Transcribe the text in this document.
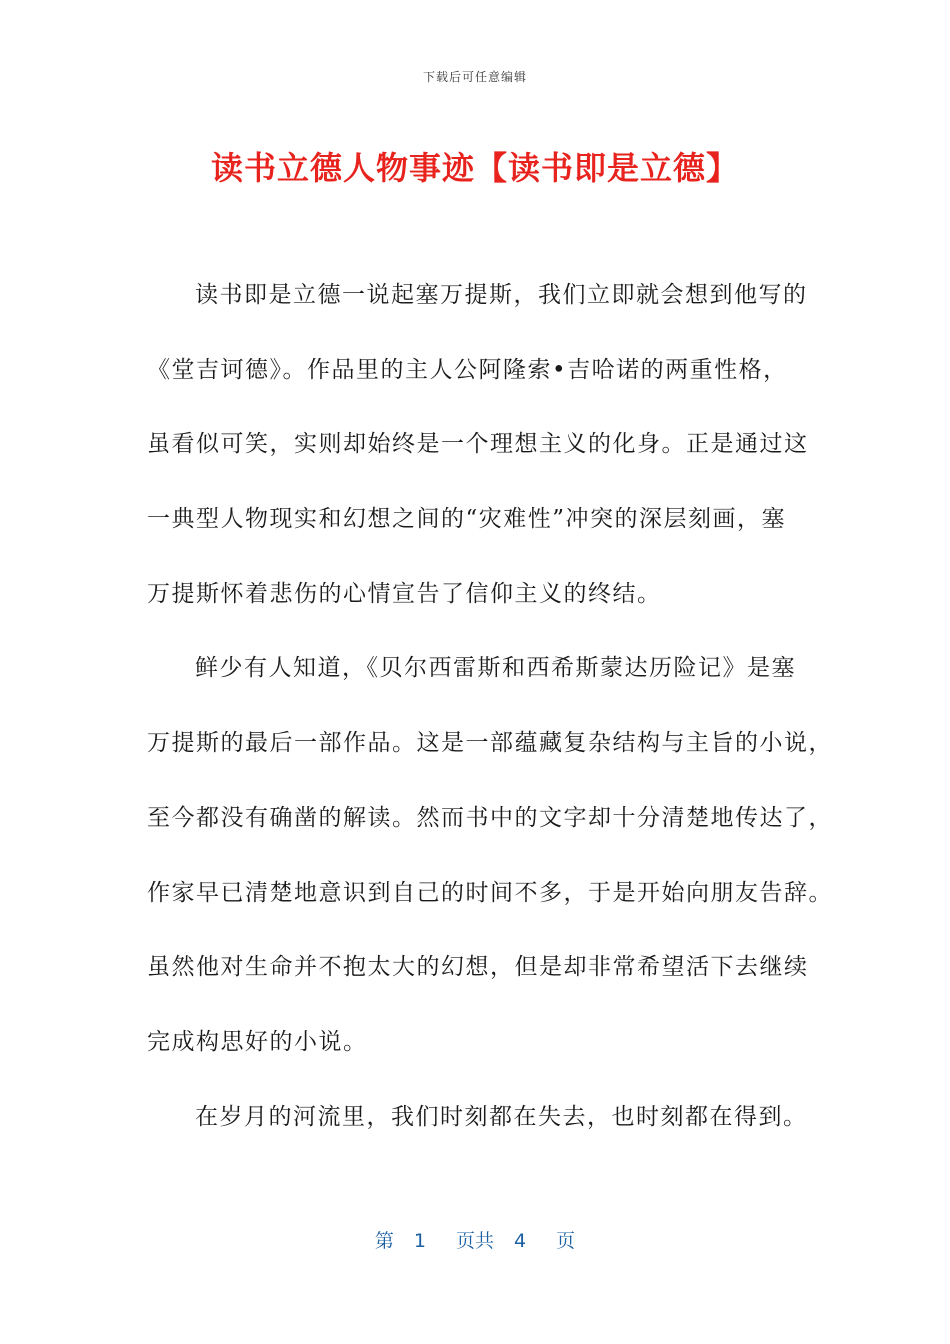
下载后可任意编辑
读书立德人物事迹【读书即是立德】
读书即是立德一说起塞万提斯，我们立即就会想到他写的
《堂吉诃德》。作品里的主人公阿隆索•吉哈诺的两重性格，
虽看似可笑，实则却始终是一个理想主义的化身。正是通过这
一典型人物现实和幻想之间的“灾难性”冲突的深层刻画，塞
万提斯怀着悲伤的心情宣告了信仰主义的终结。
鲜少有人知道，《贝尔西雷斯和西希斯蒙达历险记》是塞
万提斯的最后一部作品。这是一部蕴藏复杂结构与主旨的小说，
至今都没有确凿的解读。然而书中的文字却十分清楚地传达了，
作家早已清楚地意识到自己的时间不多，于是开始向朋友告辞。
虽然他对生命并不抱太大的幻想，但是却非常希望活下去继续
完成构思好的小说。
在岁月的河流里，我们时刻都在失去，也时刻都在得到。
第 1 页共 4 页
